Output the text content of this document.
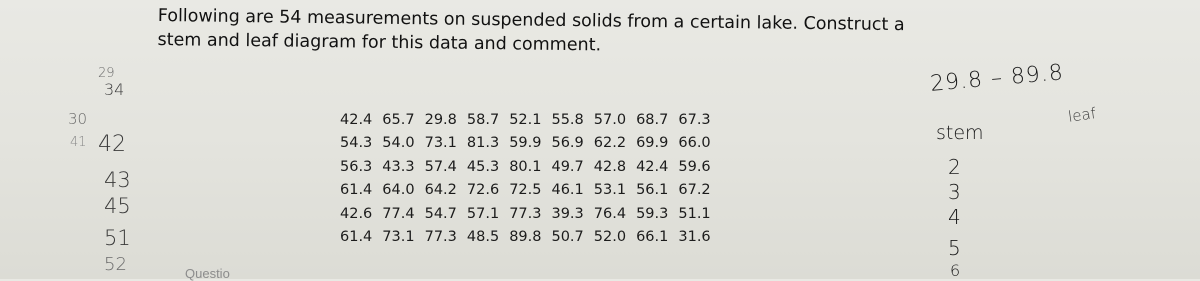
Following are 54 measurements on suspended solids from a certain lake. Construct a
stem and leaf diagram for this data and comment.
42.4	65.7	29.8	58.7	52.1	55.8	57.0	68.7	67.3
54.3	54.0	73.1	81.3	59.9	56.9	62.2	69.9	66.0
56.3	43.3	57.4	45.3	80.1	49.7	42.8	42.4	59.6
61.4	64.0	64.2	72.6	72.5	46.1	53.1	56.1	67.2
42.6	77.4	54.7	57.1	77.3	39.3	76.4	59.3	51.1
61.4	73.1	77.3	48.5	89.8	50.7	52.0	66.1	31.6
29.8 – 89.8
stem
leaf
2
3
4
5
6
29
34
30
41 42
43
45
51
52	Questio
